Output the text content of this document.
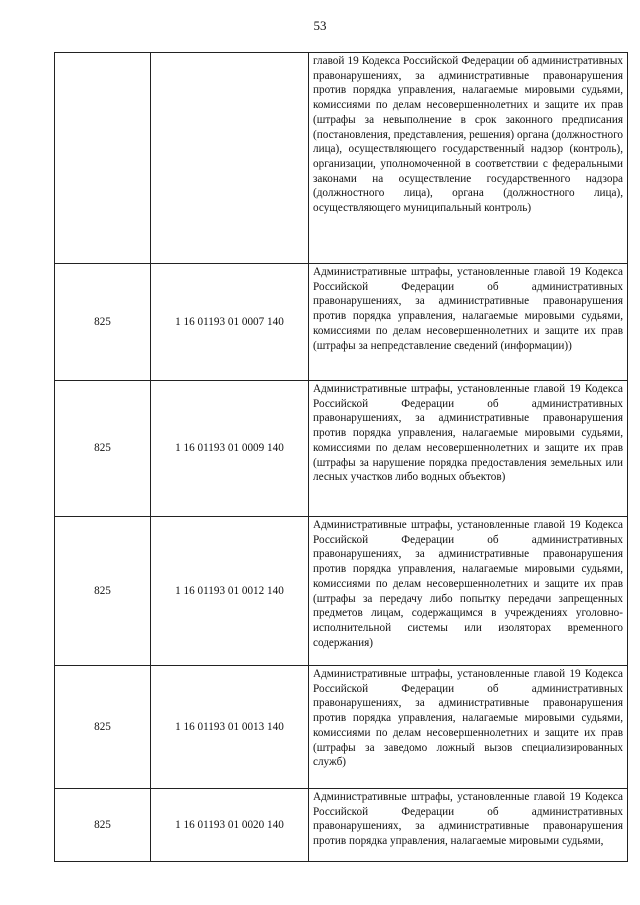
53
		главой 19 Кодекса Российской Федерации об административных правонарушениях, за административные правонарушения против порядка управления, налагаемые мировыми судьями, комиссиями по делам несовершеннолетних и защите их прав (штрафы за невыполнение в срок законного предписания (постановления, представления, решения) органа (должностного лица), осуществляющего государственный надзор (контроль), организации, уполномоченной в соответствии с федеральными законами на осуществление государственного надзора (должностного лица), органа (должностного лица), осуществляющего муниципальный контроль)
825	1 16 01193 01 0007 140	Административные штрафы, установленные главой 19 Кодекса Российской Федерации об административных правонарушениях, за административные правонарушения против порядка управления, налагаемые мировыми судьями, комиссиями по делам несовершеннолетних и защите их прав (штрафы за непредставление сведений (информации))
825	1 16 01193 01 0009 140	Административные штрафы, установленные главой 19 Кодекса Российской Федерации об административных правонарушениях, за административные правонарушения против порядка управления, налагаемые мировыми судьями, комиссиями по делам несовершеннолетних и защите их прав (штрафы за нарушение порядка предоставления земельных или лесных участков либо водных объектов)
825	1 16 01193 01 0012 140	Административные штрафы, установленные главой 19 Кодекса Российской Федерации об административных правонарушениях, за административные правонарушения против порядка управления, налагаемые мировыми судьями, комиссиями по делам несовершеннолетних и защите их прав (штрафы за передачу либо попытку передачи запрещенных предметов лицам, содержащимся в учреждениях уголовно-исполнительной системы или изоляторах временного содержания)
825	1 16 01193 01 0013 140	Административные штрафы, установленные главой 19 Кодекса Российской Федерации об административных правонарушениях, за административные правонарушения против порядка управления, налагаемые мировыми судьями, комиссиями по делам несовершеннолетних и защите их прав (штрафы за заведомо ложный вызов специализированных служб)
825	1 16 01193 01 0020 140	Административные штрафы, установленные главой 19 Кодекса Российской Федерации об административных правонарушениях, за административные правонарушения против порядка управления, налагаемые мировыми судьями,
